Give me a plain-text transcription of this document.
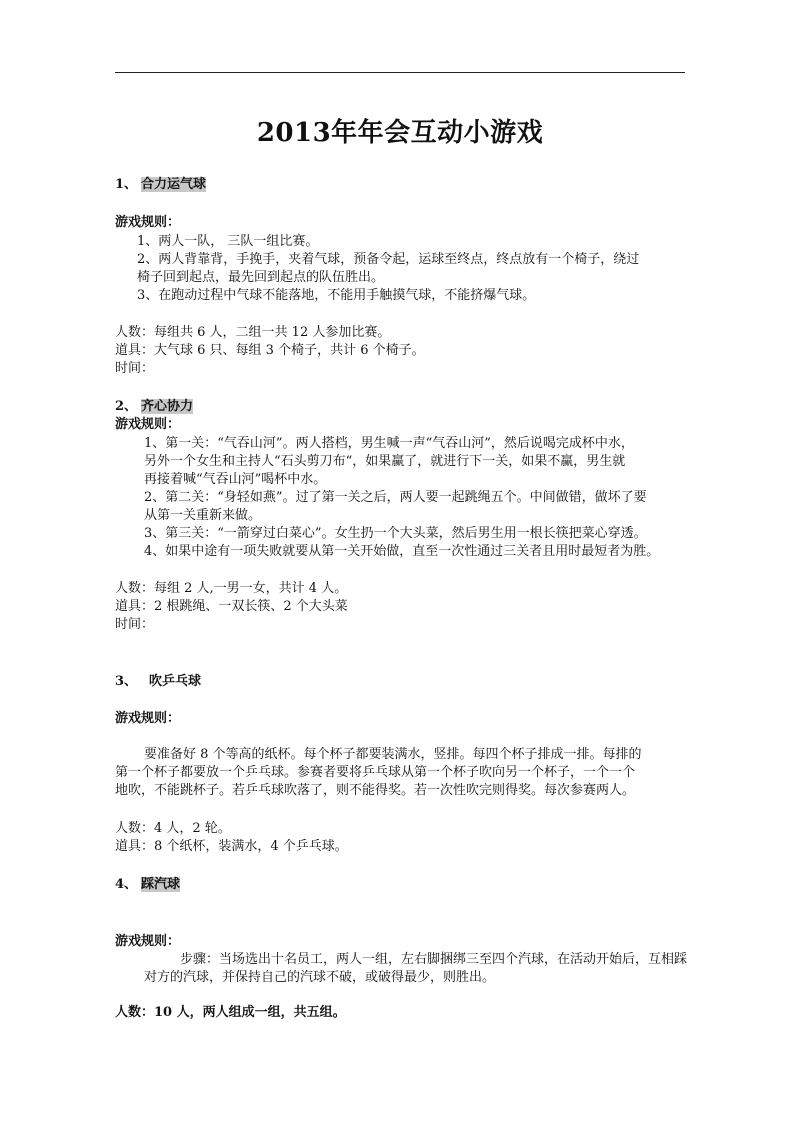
2013年年会互动小游戏
1、 合力运气球
游戏规则：
1、两人一队， 三队一组比赛。
2、两人背靠背，手挽手，夹着气球，预备令起，运球至终点，终点放有一个椅子，绕过
椅子回到起点，最先回到起点的队伍胜出。
3、在跑动过程中气球不能落地，不能用手触摸气球，不能挤爆气球。
人数：每组共 6 人，二组一共 12 人参加比赛。
道具：大气球 6 只、每组 3 个椅子，共计 6 个椅子。
时间：
2、 齐心协力
游戏规则：
1、第一关：“气吞山河”。两人搭档，男生喊一声“气吞山河”，然后说喝完成杯中水，
另外一个女生和主持人“石头剪刀布“，如果赢了，就进行下一关，如果不赢，男生就
再接着喊“气吞山河”喝杯中水。
2、第二关：“身轻如燕”。过了第一关之后，两人要一起跳绳五个。中间做错，做坏了要
从第一关重新来做。
3、第三关：“一箭穿过白菜心”。女生扔一个大头菜，然后男生用一根长筷把菜心穿透。
4、如果中途有一项失败就要从第一关开始做，直至一次性通过三关者且用时最短者为胜。
人数：每组 2 人,一男一女，共计 4 人。
道具：2 根跳绳、一双长筷、2 个大头菜
时间：
3、 吹乒乓球
游戏规则：
要准备好 8 个等高的纸杯。每个杯子都要装满水，竖排。每四个杯子排成一排。每排的
第一个杯子都要放一个乒乓球。参赛者要将乒乓球从第一个杯子吹向另一个杯子，一个一个
地吹，不能跳杯子。若乒乓球吹落了，则不能得奖。若一次性吹完则得奖。每次参赛两人。
人数：4 人，2 轮。
道具：8 个纸杯，装满水，4 个乒乓球。
4、 踩汽球
游戏规则：
步骤：当场选出十名员工，两人一组，左右脚捆绑三至四个汽球，在活动开始后，互相踩
对方的汽球，并保持自己的汽球不破，或破得最少，则胜出。
人数：10 人，两人组成一组，共五组。
